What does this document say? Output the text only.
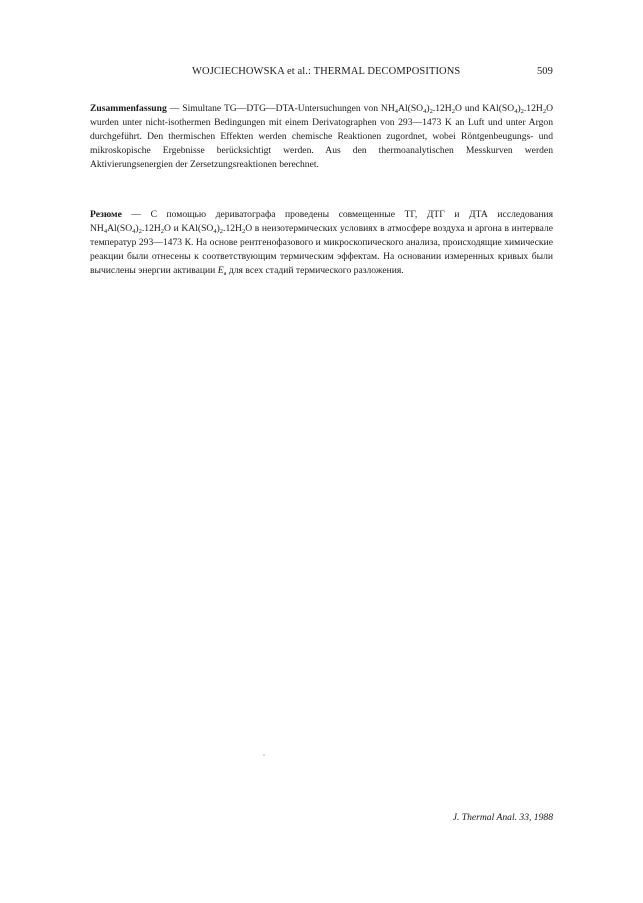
WOJCIECHOWSKA et al.: THERMAL DECOMPOSITIONS	509

Zusammenfassung — Simultane TG—DTG—DTA-Untersuchungen von $NH_4Al(SO_4)_2.12H_2O$ und $KAl(SO_4)_2.12H_2O$ wurden unter nicht-isothermen Bedingungen mit einem Derivatographen von 293—1473 K an Luft und unter Argon durchgeführt. Den thermischen Effekten werden chemische Reaktionen zugordnet, wobei Röntgenbeugungs- und mikroskopische Ergebnisse berücksichtigt werden. Aus den thermoanalytischen Messkurven werden Aktivierungsenergien der Zersetzungsreaktionen berechnet.

Резюме — С помощью дериватографа проведены совмещенные ТГ, ДТГ и ДТА исследования $NH_4Al(SO_4)_2.12H_2O$ и $KAl(SO_4)_2.12H_2O$ в неизотермических условиях в атмосфере воздуха и аргона в интервале температур 293—1473 К. На основе рентгенофазового и микроскопического анализа, происходящие химические реакции были отнесены к соответствующим термическим эффектам. На основании измеренных кривых были вычислены энергии активации $E_a$ для всех стадий термического разложения.

J. Thermal Anal. 33, 1988
